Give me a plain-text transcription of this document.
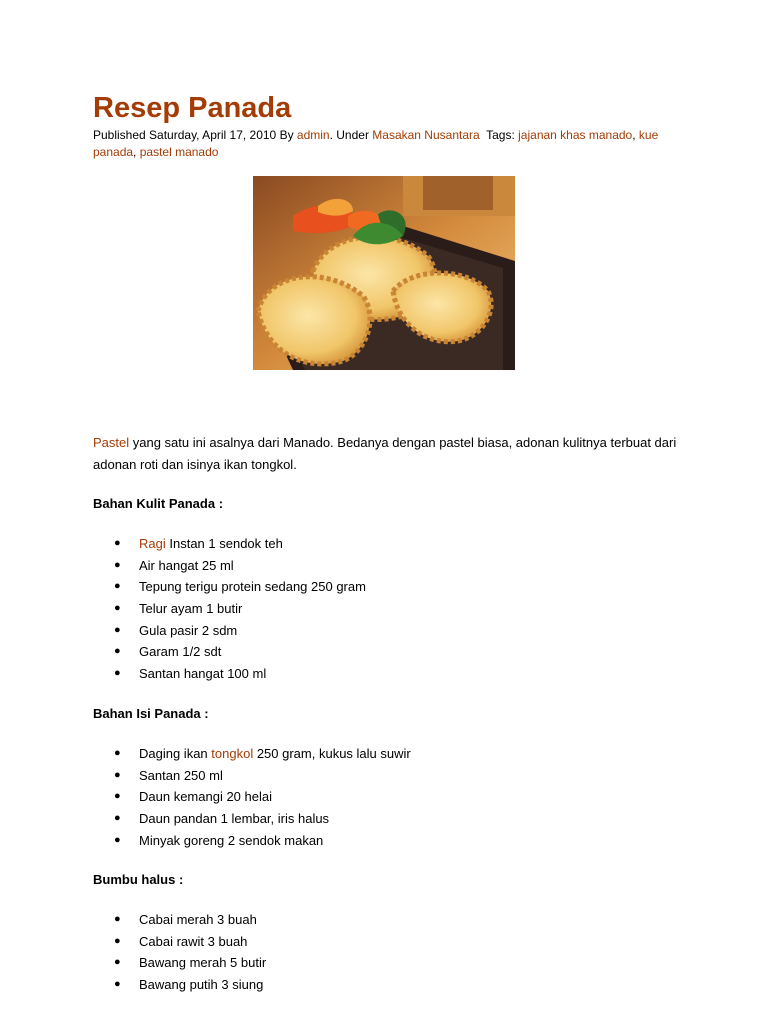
Resep Panada
Published Saturday, April 17, 2010 By admin. Under Masakan Nusantara  Tags: jajanan khas manado, kue panada, pastel manado

Pastel yang satu ini asalnya dari Manado. Bedanya dengan pastel biasa, adonan kulitnya terbuat dari adonan roti dan isinya ikan tongkol.

Bahan Kulit Panada :
● Ragi Instan 1 sendok teh
● Air hangat 25 ml
● Tepung terigu protein sedang 250 gram
● Telur ayam 1 butir
● Gula pasir 2 sdm
● Garam 1/2 sdt
● Santan hangat 100 ml
Bahan Isi Panada :
● Daging ikan tongkol 250 gram, kukus lalu suwir
● Santan 250 ml
● Daun kemangi 20 helai
● Daun pandan 1 lembar, iris halus
● Minyak goreng 2 sendok makan
Bumbu halus :
● Cabai merah 3 buah
● Cabai rawit 3 buah
● Bawang merah 5 butir
● Bawang putih 3 siung
